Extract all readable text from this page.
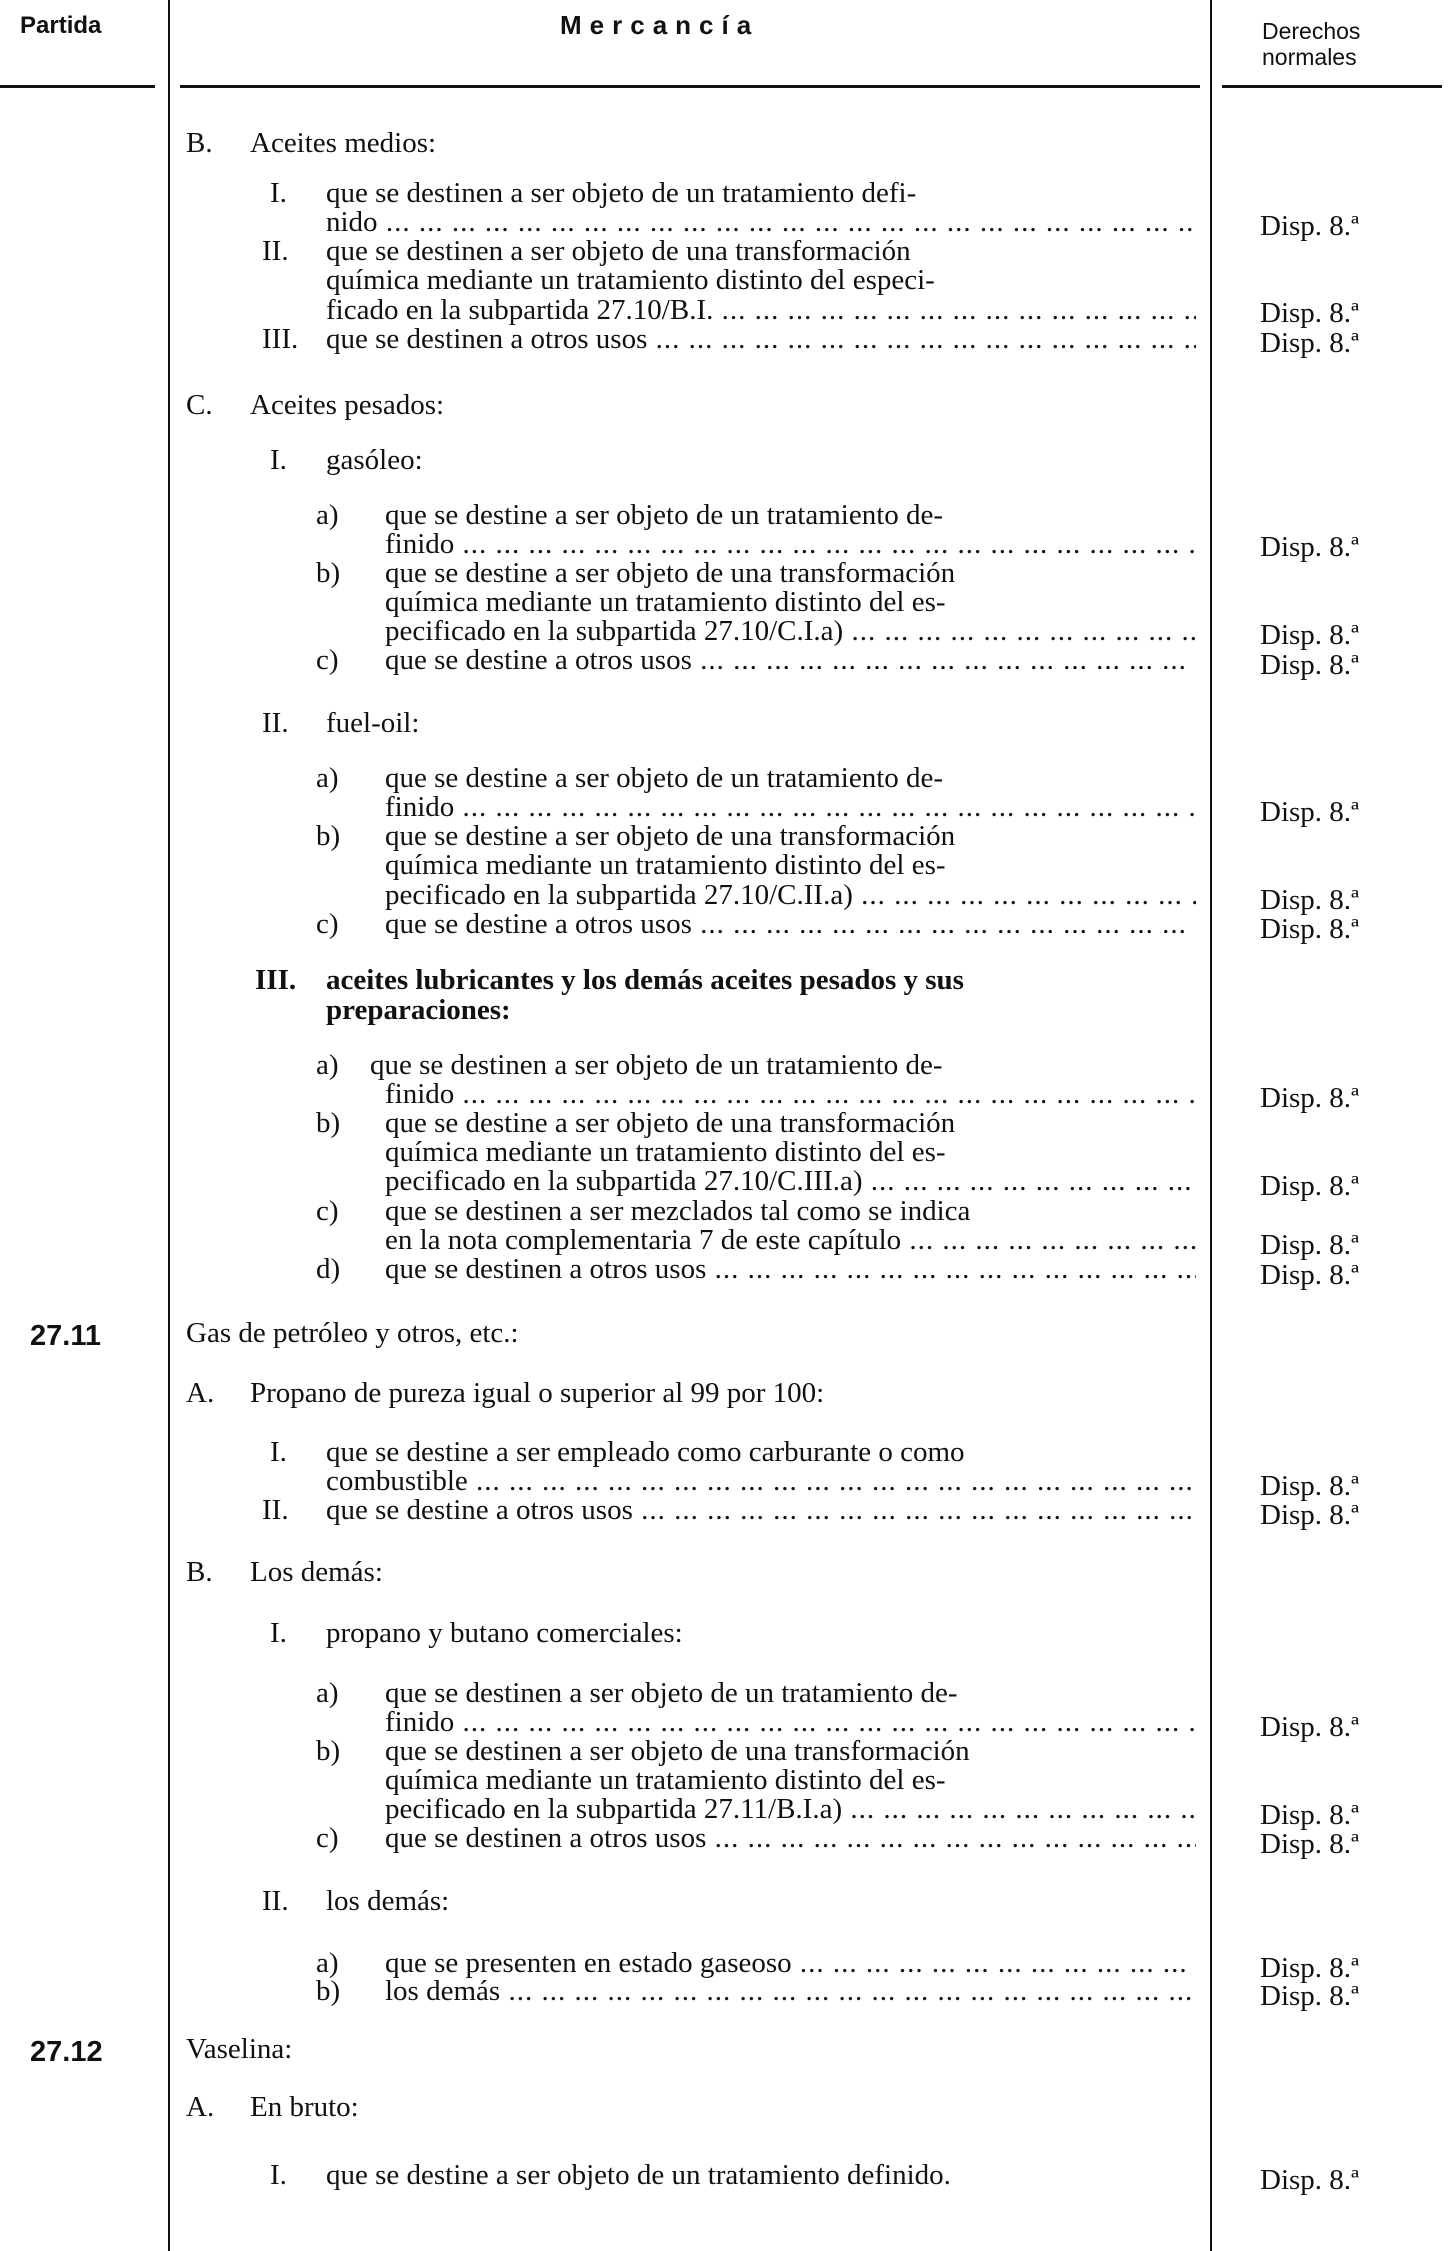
Partida	Mercancía	Derechos
normales
B. Aceites medios:
I. que se destinen a ser objeto de un tratamiento defi-
nido ... .	Disp. 8.ª
II. que se destinen a ser objeto de una transformación
química mediante un tratamiento distinto del especi-
ficado en la subpartida 27.10/B.I. ... .	Disp. 8.ª
III. que se destinen a otros usos ... .	Disp. 8.ª
C. Aceites pesados:
I. gasóleo:
a) que se destine a ser objeto de un tratamiento de-
finido ... .	Disp. 8.ª
b) que se destine a ser objeto de una transformación
química mediante un tratamiento distinto del es-
pecificado en la subpartida 27.10/C.I.a) ... .	Disp. 8.ª
c) que se destine a otros usos ... .	Disp. 8.ª
II. fuel-oil:
a) que se destine a ser objeto de un tratamiento de-
finido ... .	Disp. 8.ª
b) que se destine a ser objeto de una transformación
química mediante un tratamiento distinto del es-
pecificado en la subpartida 27.10/C.II.a) ... .	Disp. 8.ª
c) que se destine a otros usos ... .	Disp. 8.ª
III. aceites lubricantes y los demás aceites pesados y sus
preparaciones:
a) que se destinen a ser objeto de un tratamiento de-
finido ... .	Disp. 8.ª
b) que se destine a ser objeto de una transformación
química mediante un tratamiento distinto del es-
pecificado en la subpartida 27.10/C.III.a) ... .	Disp. 8.ª
c) que se destinen a ser mezclados tal como se indica
en la nota complementaria 7 de este capítulo ... .	Disp. 8.ª
d) que se destinen a otros usos ... .	Disp. 8.ª
27.11	Gas de petróleo y otros, etc.:
A. Propano de pureza igual o superior al 99 por 100:
I. que se destine a ser empleado como carburante o como
combustible ... .	Disp. 8.ª
II. que se destine a otros usos ... .	Disp. 8.ª
B. Los demás:
I. propano y butano comerciales:
a) que se destinen a ser objeto de un tratamiento de-
finido ... .	Disp. 8.ª
b) que se destinen a ser objeto de una transformación
química mediante un tratamiento distinto del es-
pecificado en la subpartida 27.11/B.I.a) ... .	Disp. 8.ª
c) que se destinen a otros usos ... .	Disp. 8.ª
II. los demás:
a) que se presenten en estado gaseoso ... .	Disp. 8.ª
b) los demás ... .	Disp. 8.ª
27.12	Vaselina:
A. En bruto:
I. que se destine a ser objeto de un tratamiento definido.	Disp. 8.ª
